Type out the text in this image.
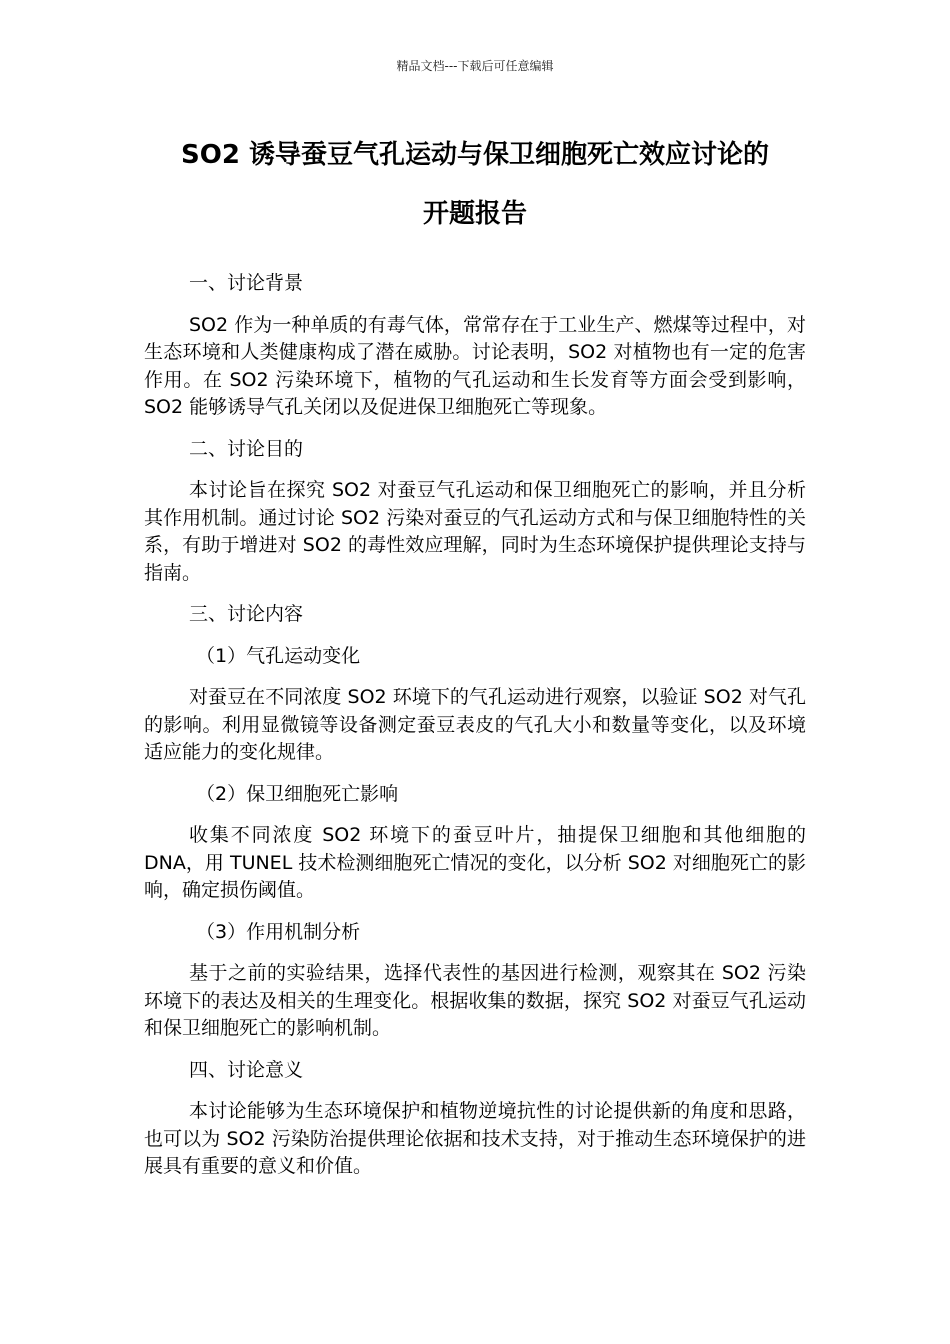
精品文档---下载后可任意编辑
SO2 诱导蚕豆气孔运动与保卫细胞死亡效应讨论的
开题报告
一、讨论背景
SO2 作为一种单质的有毒气体，常常存在于工业生产、燃煤等过程中，对生态环境和人类健康构成了潜在威胁。讨论表明，SO2 对植物也有一定的危害作用。在 SO2 污染环境下，植物的气孔运动和生长发育等方面会受到影响，SO2 能够诱导气孔关闭以及促进保卫细胞死亡等现象。
二、讨论目的
本讨论旨在探究 SO2 对蚕豆气孔运动和保卫细胞死亡的影响，并且分析其作用机制。通过讨论 SO2 污染对蚕豆的气孔运动方式和与保卫细胞特性的关系，有助于增进对 SO2 的毒性效应理解，同时为生态环境保护提供理论支持与指南。
三、讨论内容
（1）气孔运动变化
对蚕豆在不同浓度 SO2 环境下的气孔运动进行观察，以验证 SO2 对气孔的影响。利用显微镜等设备测定蚕豆表皮的气孔大小和数量等变化，以及环境适应能力的变化规律。
（2）保卫细胞死亡影响
收集不同浓度 SO2 环境下的蚕豆叶片，抽提保卫细胞和其他细胞的 DNA，用 TUNEL 技术检测细胞死亡情况的变化，以分析 SO2 对细胞死亡的影响，确定损伤阈值。
（3）作用机制分析
基于之前的实验结果，选择代表性的基因进行检测，观察其在 SO2 污染环境下的表达及相关的生理变化。根据收集的数据，探究 SO2 对蚕豆气孔运动和保卫细胞死亡的影响机制。
四、讨论意义
本讨论能够为生态环境保护和植物逆境抗性的讨论提供新的角度和思路，也可以为 SO2 污染防治提供理论依据和技术支持，对于推动生态环境保护的进展具有重要的意义和价值。
